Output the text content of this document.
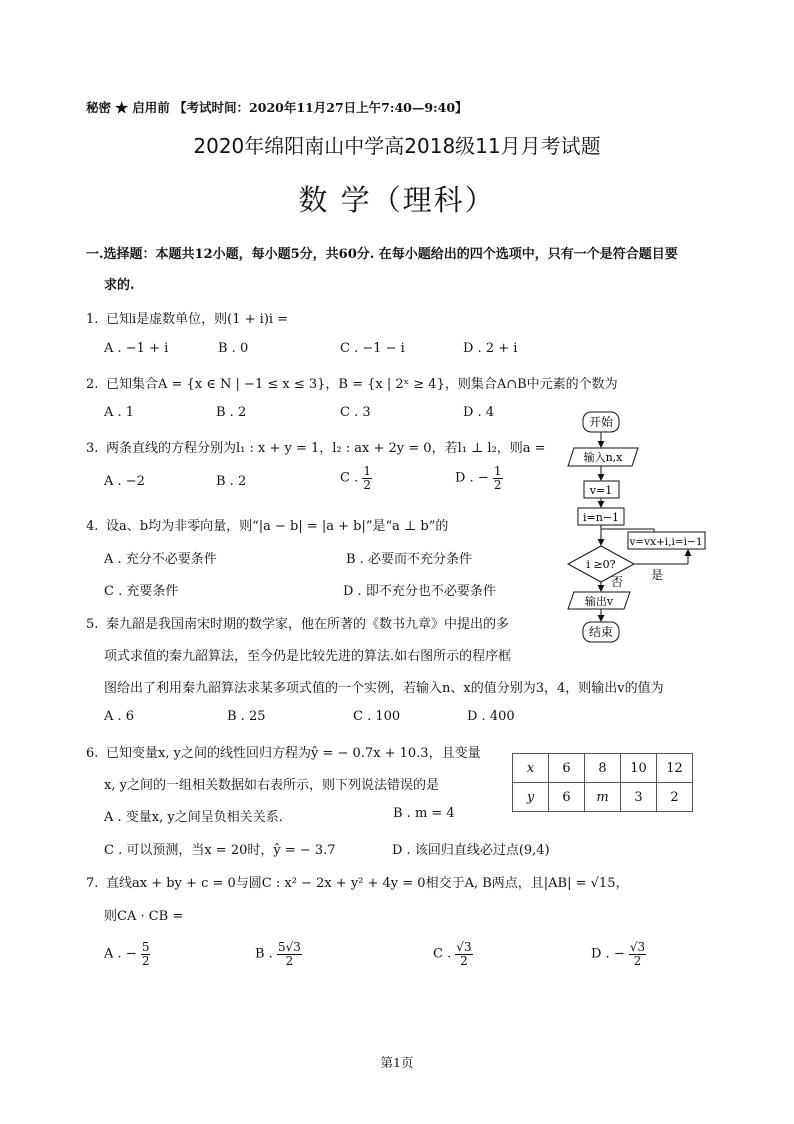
秘密 ★ 启用前 【考试时间：2020年11月27日上午7:40—9:40】
2020年绵阳南山中学高2018级11月月考试题
数 学（理科）
一.选择题：本题共12小题，每小题5分，共60分. 在每小题给出的四个选项中，只有一个是符合题目要
求的.
1. 已知i是虚数单位，则(1 + i)i =
A . −1 + i	B . 0	C . −1 − i	D . 2 + i
2. 已知集合A = {x ∈ N | −1 ≤ x ≤ 3}，B = {x | 2ˣ ≥ 4}，则集合A∩B中元素的个数为
A . 1	B . 2	C . 3	D . 4
3. 两条直线的方程分别为l₁ : x + y = 1，l₂ : ax + 2y = 0，若l₁ ⊥ l₂，则a =
A . −2	B . 2	C . $\frac{1}{2}$	D . − $\frac{1}{2}$
4. 设a、b均为非零向量，则“|a − b| = |a + b|”是“a ⊥ b”的
A . 充分不必要条件	B . 必要而不充分条件
C . 充要条件	D . 即不充分也不必要条件
5. 秦九韶是我国南宋时期的数学家，他在所著的《数书九章》中提出的多
项式求值的秦九韶算法，至今仍是比较先进的算法.如右图所示的程序框
图给出了利用秦九韶算法求某多项式值的一个实例，若输入n、x的值分别为3，4，则输出v的值为
A . 6	B . 25	C . 100	D . 400
6. 已知变量x, y之间的线性回归方程为ŷ = − 0.7x + 10.3，且变量
x, y之间的一组相关数据如右表所示，则下列说法错误的是
A . 变量x, y之间呈负相关关系.	B . m = 4
C . 可以预测，当x = 20时，ŷ = − 3.7	D . 该回归直线必过点(9,4)
x	6	8	10	12
y	6	m	3	2
7. 直线ax + by + c = 0与圆C : x² − 2x + y² + 4y = 0相交于A, B两点，且|AB| = √15，
则CA · CB =
A . − $\frac{5}{2}$	B . $\frac{5√3}{2}$	C . $\frac{√3}{2}$	D . − $\frac{√3}{2}$
开始
输入n,x
v=1
i=n−1
v=vx+i,i=i−1
i ≥0?
是
否
输出v
结束
第1页
